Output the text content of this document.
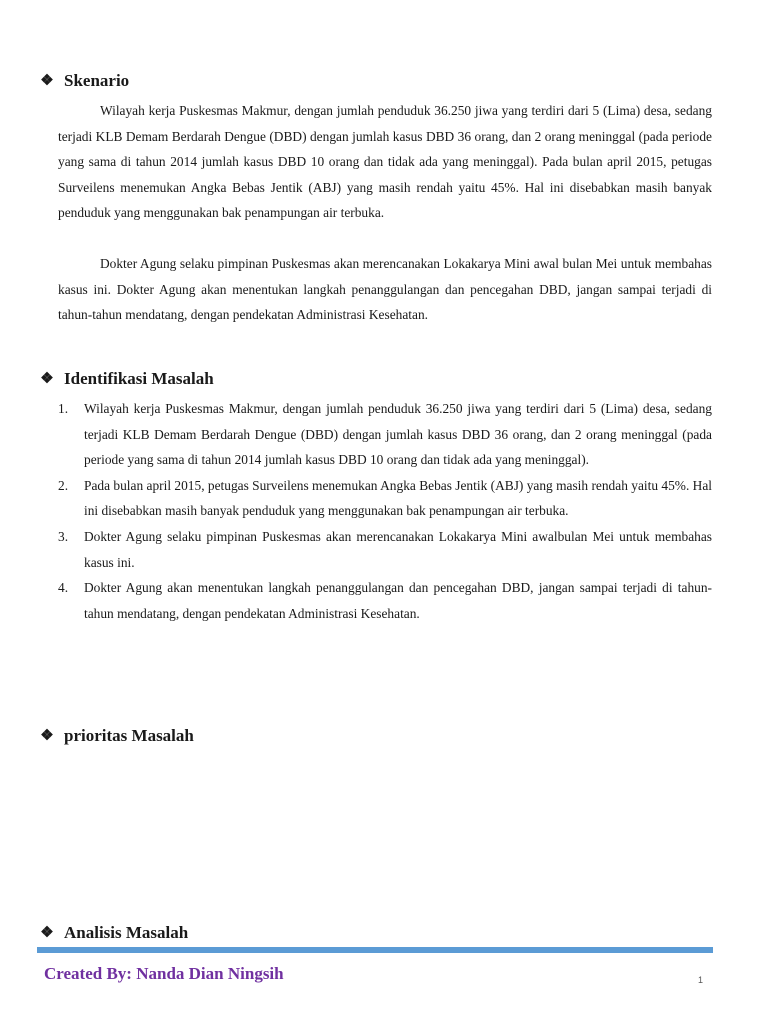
❖ Skenario

Wilayah kerja Puskesmas Makmur, dengan jumlah penduduk 36.250 jiwa yang terdiri dari 5 (Lima) desa, sedang terjadi KLB Demam Berdarah Dengue (DBD) dengan jumlah kasus DBD 36 orang, dan 2 orang meninggal (pada periode yang sama di tahun 2014 jumlah kasus DBD 10 orang dan tidak ada yang meninggal). Pada bulan april 2015, petugas Surveilens menemukan Angka Bebas Jentik (ABJ) yang masih rendah yaitu 45%. Hal ini disebabkan masih banyak penduduk yang menggunakan bak penampungan air terbuka.

Dokter Agung selaku pimpinan Puskesmas akan merencanakan Lokakarya Mini awal bulan Mei untuk membahas kasus ini. Dokter Agung akan menentukan langkah penanggulangan dan pencegahan DBD, jangan sampai terjadi di tahun-tahun mendatang, dengan pendekatan Administrasi Kesehatan.

❖ Identifikasi Masalah
1. Wilayah kerja Puskesmas Makmur, dengan jumlah penduduk 36.250 jiwa yang terdiri dari 5 (Lima) desa, sedang terjadi KLB Demam Berdarah Dengue (DBD) dengan jumlah kasus DBD 36 orang, dan 2 orang meninggal (pada periode yang sama di tahun 2014 jumlah kasus DBD 10 orang dan tidak ada yang meninggal).
2. Pada bulan april 2015, petugas Surveilens menemukan Angka Bebas Jentik (ABJ) yang masih rendah yaitu 45%. Hal ini disebabkan masih banyak penduduk yang menggunakan bak penampungan air terbuka.
3. Dokter Agung selaku pimpinan Puskesmas akan merencanakan Lokakarya Mini awalbulan Mei untuk membahas kasus ini.
4. Dokter Agung akan menentukan langkah penanggulangan dan pencegahan DBD, jangan sampai terjadi di tahun-tahun mendatang, dengan pendekatan Administrasi Kesehatan.
❖ prioritas Masalah
❖ Analisis Masalah
Created By: Nanda Dian Ningsih	1
